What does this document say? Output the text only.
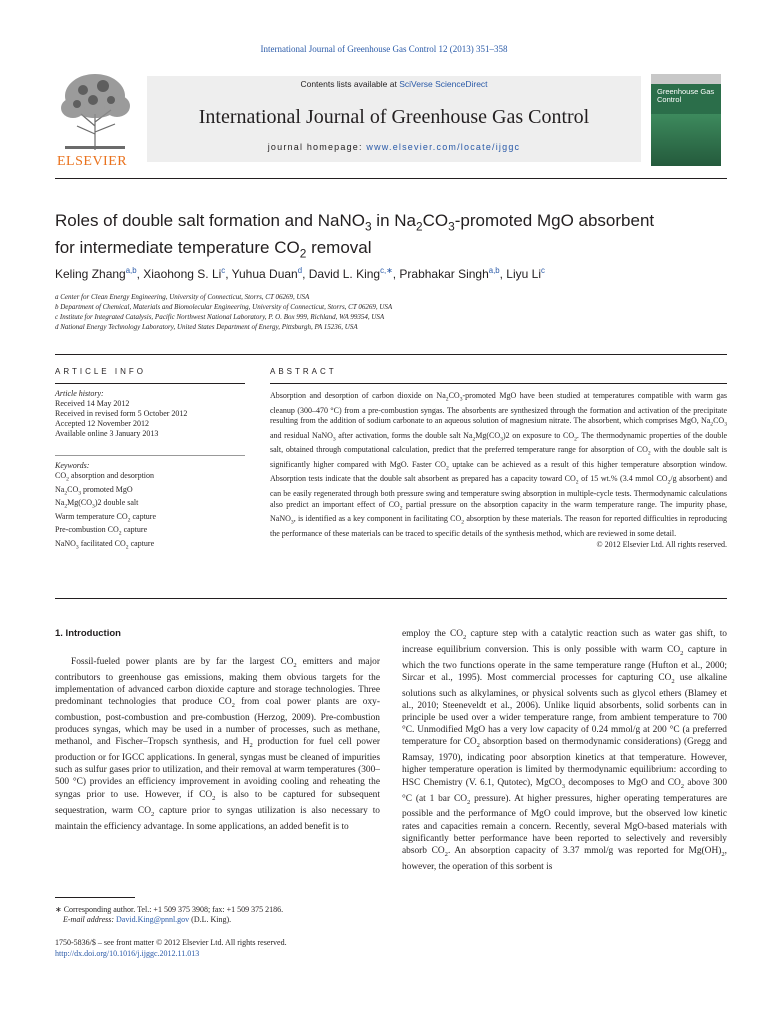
International Journal of Greenhouse Gas Control 12 (2013) 351–358
ELSEVIER
Contents lists available at SciVerse ScienceDirect
International Journal of Greenhouse Gas Control
journal homepage: www.elsevier.com/locate/ijggc
Greenhouse Gas Control
Roles of double salt formation and NaNO$_3$ in $Na_2CO_3$-promoted MgO absorbent
for intermediate temperature $CO_2$ removal
Keling Zhang$^{a,b}$, Xiaohong S. Li$^c$, Yuhua Duan$^d$, David L. King$^{c,∗}$, Prabhakar Singh$^{a,b}$, Liyu Li$^c$
a Center for Clean Energy Engineering, University of Connecticut, Storrs, CT 06269, USA
b Department of Chemical, Materials and Biomolecular Engineering, University of Connecticut, Storrs, CT 06269, USA
c Institute for Integrated Catalysis, Pacific Northwest National Laboratory, P. O. Box 999, Richland, WA 99354, USA
d National Energy Technology Laboratory, United States Department of Energy, Pittsburgh, PA 15236, USA
ARTICLE INFO	ABSTRACT
Article history:
Received 14 May 2012
Received in revised form 5 October 2012
Accepted 12 November 2012
Available online 3 January 2013
Keywords:
$CO_2$ absorption and desorption
$Na_2CO_3$ promoted MgO
$Na_2Mg(CO_3)2$ double salt
Warm temperature $CO_2$ capture
Pre-combustion $CO_2$ capture
NaNO$_3$ facilitated $CO_2$ capture
Absorption and desorption of carbon dioxide on $Na_2CO_3$-promoted MgO have been studied at temperatures compatible with warm gas cleanup (300–470 °C) from a pre-combustion syngas. The absorbents are synthesized through the formation and activation of the precipitate resulting from the addition of sodium carbonate to an aqueous solution of magnesium nitrate. The absorbent, which comprises MgO, $Na_2CO_3$ and residual NaNO$_3$ after activation, forms the double salt $Na_2Mg(CO_3)2$ on exposure to $CO_2$. The thermodynamic properties of the double salt, obtained through computational calculation, predict that the preferred temperature range for absorption of $CO_2$ with the double salt is significantly higher compared with MgO. Faster $CO_2$ uptake can be achieved as a result of this higher temperature absorption window. Absorption tests indicate that the double salt absorbent as prepared has a capacity toward $CO_2$ of 15 wt.% (3.4 mmol $CO_2/g$ absorbent) and can be easily regenerated through both pressure swing and temperature swing absorption in multiple-cycle tests. Thermodynamic calculations also predict an important effect of $CO_2$ partial pressure on the absorption capacity in the warm temperature range. The impurity phase, NaNO$_3$, is identified as a key component in facilitating $CO_2$ absorption by these materials. The reason for reported difficulties in reproducing the performance of these materials can be traced to specific details of the synthesis method, which are reviewed in some detail.
© 2012 Elsevier Ltd. All rights reserved.
1. Introduction
Fossil-fueled power plants are by far the largest $CO_2$ emitters and major contributors to greenhouse gas emissions, making them obvious targets for the implementation of advanced carbon dioxide capture and storage technologies. Three predominant technologies that produce $CO_2$ from coal power plants are oxy-combustion, post-combustion and pre-combustion (Herzog, 2009). Pre-combustion produces syngas, which may be used in a number of processes, such as methane, methanol, and Fischer–Tropsch synthesis, and $H_2$ production for fuel cell power production or for IGCC applications. In general, syngas must be cleaned of impurities such as sulfur gases prior to utilization, and their removal at warm temperatures (300–500 °C) provides an efficiency improvement in avoiding cooling and reheating the syngas prior to use. However, if $CO_2$ is also to be captured for subsequent sequestration, warm $CO_2$ capture prior to syngas utilization is also necessary to maintain the efficiency advantage. In some applications, an added benefit is to
employ the $CO_2$ capture step with a catalytic reaction such as water gas shift, to increase equilibrium conversion. This is only possible with warm $CO_2$ capture in which the two functions operate in the same temperature range (Hufton et al., 2000; Sircar et al., 1995). Most commercial processes for capturing $CO_2$ use alkaline solutions such as alkylamines, or physical solvents such as glycol ethers (Blamey et al., 2010; Steeneveldt et al., 2006). Unlike liquid absorbents, solid sorbents can in principle be used over a wider temperature range, from ambient temperature to 700 °C. Unmodified MgO has a very low capacity of 0.24 mmol/g at 200 °C (a preferred temperature for $CO_2$ absorption based on thermodynamic considerations) (Gregg and Ramsay, 1970), indicating poor absorption kinetics at that temperature. However, higher temperature operation is limited by thermodynamic equilibrium: according to HSC Chemistry (V. 6.1, Qutotec), MgCO$_3$ decomposes to MgO and $CO_2$ above 300 °C (at 1 bar $CO_2$ pressure). At higher pressures, higher operating temperatures are possible and the performance of MgO could improve, but the observed low kinetic rates and capacities remain a concern. Recently, several MgO-based materials with significantly better performance have been reported to selectively and reversibly absorb $CO_2$. An absorption capacity of 3.37 mmol/g was reported for $Mg(OH)_2$, however, the operation of this sorbent is
∗ Corresponding author. Tel.: +1 509 375 3908; fax: +1 509 375 2186.
E-mail address: David.King@pnnl.gov (D.L. King).
1750-5836/$ – see front matter © 2012 Elsevier Ltd. All rights reserved.
http://dx.doi.org/10.1016/j.ijggc.2012.11.013
